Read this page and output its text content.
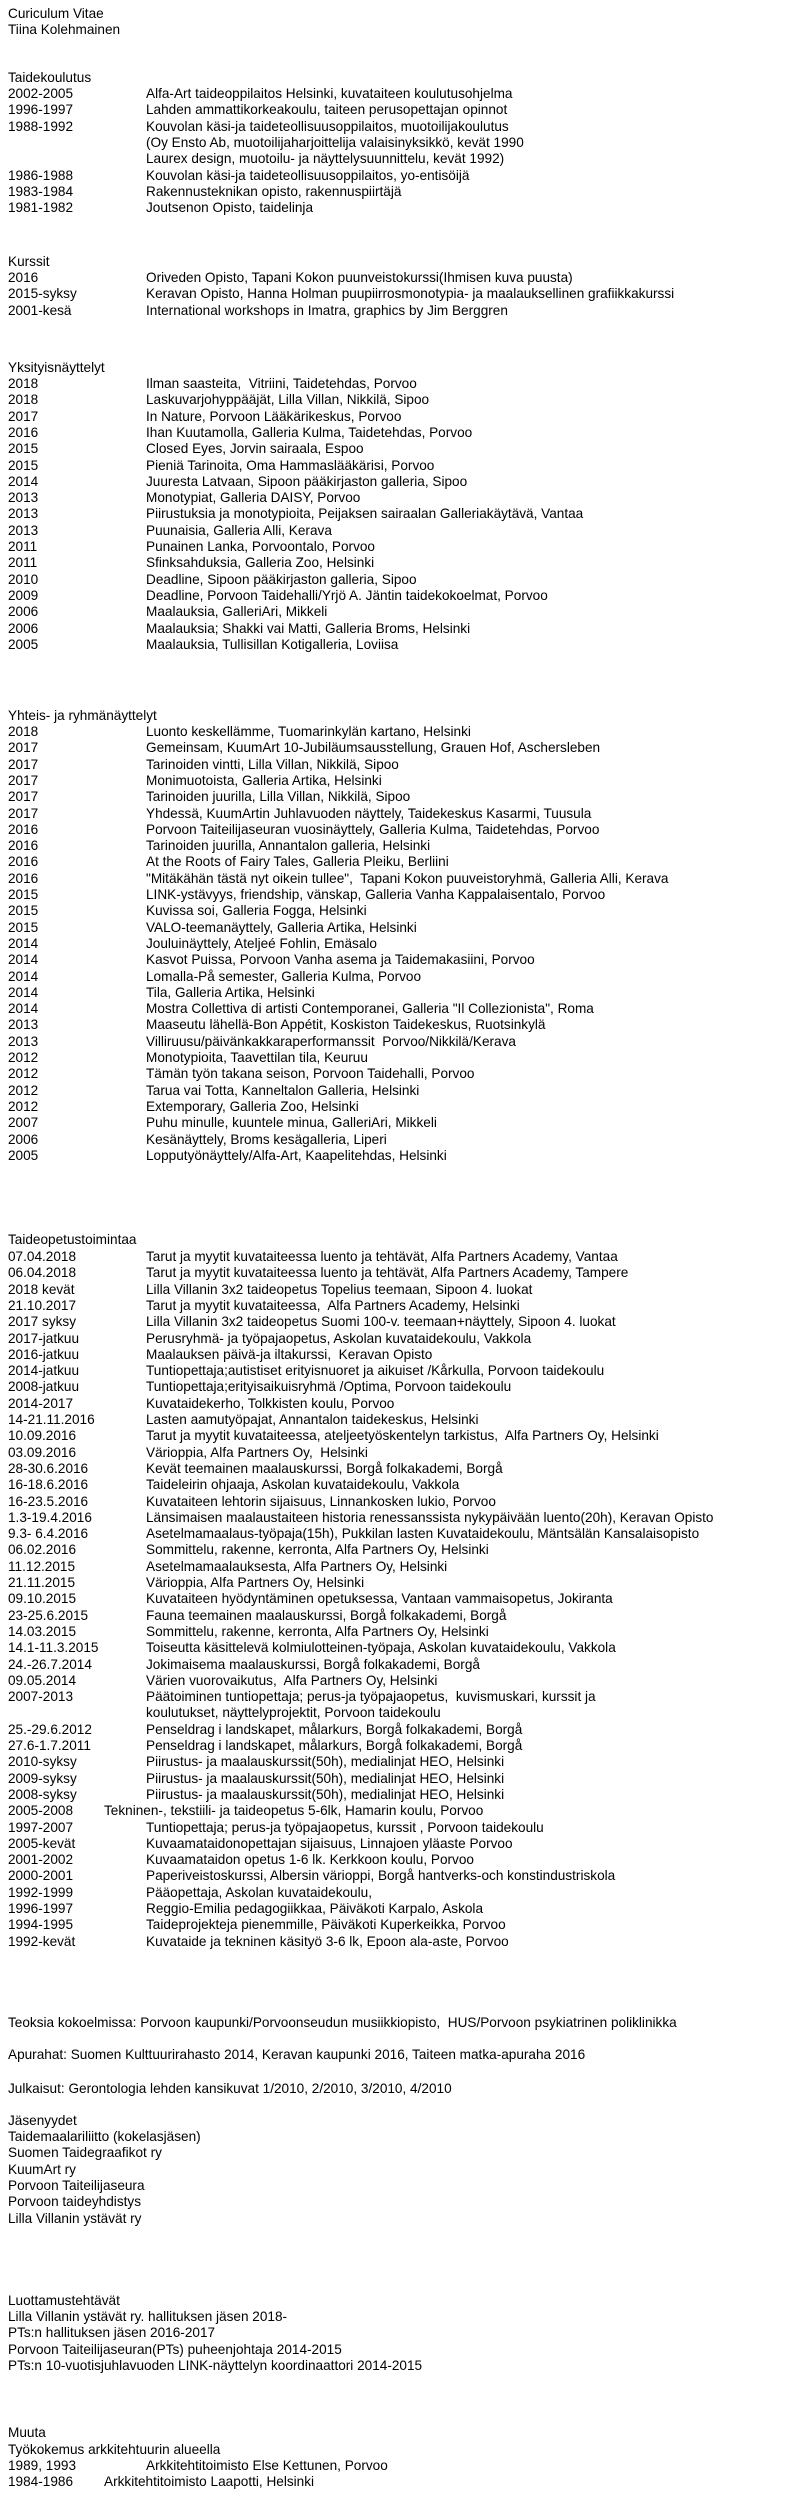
Curiculum Vitae
Tiina Kolehmainen
Taidekoulutus
2002-2005	Alfa-Art taideoppilaitos Helsinki, kuvataiteen koulutusohjelma
1996-1997	Lahden ammattikorkeakoulu, taiteen perusopettajan opinnot
1988-1992	Kouvolan käsi-ja taideteollisuusoppilaitos, muotoilijakoulutus
(Oy Ensto Ab, muotoilijaharjoittelija valaisinyksikkö, kevät 1990
Laurex design, muotoilu- ja näyttelysuunnittelu, kevät 1992)
1986-1988	Kouvolan käsi-ja taideteollisuusoppilaitos, yo-entisöijä
1983-1984	Rakennusteknikan opisto, rakennuspiirtäjä
1981-1982	Joutsenon Opisto, taidelinja
Kurssit
2016	Oriveden Opisto, Tapani Kokon puunveistokurssi(Ihmisen kuva puusta)
2015-syksy	Keravan Opisto, Hanna Holman puupiirrosmonotypia- ja maalauksellinen grafiikkakurssi
2001-kesä	International workshops in Imatra, graphics by Jim Berggren
Yksityisnäyttelyt
2018	Ilman saasteita,  Vitriini, Taidetehdas, Porvoo
2018	Laskuvarjohyppääjät, Lilla Villan, Nikkilä, Sipoo
2017	In Nature, Porvoon Lääkärikeskus, Porvoo
2016	Ihan Kuutamolla, Galleria Kulma, Taidetehdas, Porvoo
2015	Closed Eyes, Jorvin sairaala, Espoo
2015	Pieniä Tarinoita, Oma Hammaslääkärisi, Porvoo
2014	Juuresta Latvaan, Sipoon pääkirjaston galleria, Sipoo
2013	Monotypiat, Galleria DAISY, Porvoo
2013	Piirustuksia ja monotypioita, Peijaksen sairaalan Galleriakäytävä, Vantaa
2013	Puunaisia, Galleria Alli, Kerava
2011	Punainen Lanka, Porvoontalo, Porvoo
2011	Sfinksahduksia, Galleria Zoo, Helsinki
2010	Deadline, Sipoon pääkirjaston galleria, Sipoo
2009	Deadline, Porvoon Taidehalli/Yrjö A. Jäntin taidekokoelmat, Porvoo
2006	Maalauksia, GalleriAri, Mikkeli
2006	Maalauksia; Shakki vai Matti, Galleria Broms, Helsinki
2005	Maalauksia, Tullisillan Kotigalleria, Loviisa
Yhteis- ja ryhmänäyttelyt
2018	Luonto keskellämme, Tuomarinkylän kartano, Helsinki
2017	Gemeinsam, KuumArt 10-Jubiläumsausstellung, Grauen Hof, Aschersleben
2017	Tarinoiden vintti, Lilla Villan, Nikkilä, Sipoo
2017	Monimuotoista, Galleria Artika, Helsinki
2017	Tarinoiden juurilla, Lilla Villan, Nikkilä, Sipoo
2017	Yhdessä, KuumArtin Juhlavuoden näyttely, Taidekeskus Kasarmi, Tuusula
2016	Porvoon Taiteilijaseuran vuosinäyttely, Galleria Kulma, Taidetehdas, Porvoo
2016	Tarinoiden juurilla, Annantalon galleria, Helsinki
2016	At the Roots of Fairy Tales, Galleria Pleiku, Berliini
2016	"Mitäkähän tästä nyt oikein tullee",  Tapani Kokon puuveistoryhmä, Galleria Alli, Kerava
2015	LINK-ystävyys, friendship, vänskap, Galleria Vanha Kappalaisentalo, Porvoo
2015	Kuvissa soi, Galleria Fogga, Helsinki
2015	VALO-teemanäyttely, Galleria Artika, Helsinki
2014	Jouluinäyttely, Ateljeé Fohlin, Emäsalo
2014	Kasvot Puissa, Porvoon Vanha asema ja Taidemakasiini, Porvoo
2014	Lomalla-På semester, Galleria Kulma, Porvoo
2014	Tila, Galleria Artika, Helsinki
2014	Mostra Collettiva di artisti Contemporanei, Galleria "Il Collezionista", Roma
2013	Maaseutu lähellä-Bon Appétit, Koskiston Taidekeskus, Ruotsinkylä
2013	Villiruusu/päivänkakkaraperformanssit  Porvoo/Nikkilä/Kerava
2012	Monotypioita, Taavettilan tila, Keuruu
2012	Tämän työn takana seison, Porvoon Taidehalli, Porvoo
2012	Tarua vai Totta, Kanneltalon Galleria, Helsinki
2012	Extemporary, Galleria Zoo, Helsinki
2007	Puhu minulle, kuuntele minua, GalleriAri, Mikkeli
2006	Kesänäyttely, Broms kesägalleria, Liperi
2005	Lopputyönäyttely/Alfa-Art, Kaapelitehdas, Helsinki
Taideopetustoimintaa
07.04.2018	Tarut ja myytit kuvataiteessa luento ja tehtävät, Alfa Partners Academy, Vantaa
06.04.2018	Tarut ja myytit kuvataiteessa luento ja tehtävät, Alfa Partners Academy, Tampere
2018 kevät	Lilla Villanin 3x2 taideopetus Topelius teemaan, Sipoon 4. luokat
21.10.2017	Tarut ja myytit kuvataiteessa,  Alfa Partners Academy, Helsinki
2017 syksy	Lilla Villanin 3x2 taideopetus Suomi 100-v. teemaan+näyttely, Sipoon 4. luokat
2017-jatkuu	Perusryhmä- ja työpajaopetus, Askolan kuvataidekoulu, Vakkola
2016-jatkuu	Maalauksen päivä-ja iltakurssi,  Keravan Opisto
2014-jatkuu	Tuntiopettaja;autistiset erityisnuoret ja aikuiset /Kårkulla, Porvoon taidekoulu
2008-jatkuu	Tuntiopettaja;erityisaikuisryhmä /Optima, Porvoon taidekoulu
2014-2017	Kuvataidekerho, Tolkkisten koulu, Porvoo
14-21.11.2016	Lasten aamutyöpajat, Annantalon taidekeskus, Helsinki
10.09.2016	Tarut ja myytit kuvataiteessa, ateljeetyöskentelyn tarkistus,  Alfa Partners Oy, Helsinki
03.09.2016	Värioppia, Alfa Partners Oy,  Helsinki
28-30.6.2016	Kevät teemainen maalauskurssi, Borgå folkakademi, Borgå
16-18.6.2016	Taideleirin ohjaaja, Askolan kuvataidekoulu, Vakkola
16-23.5.2016	Kuvataiteen lehtorin sijaisuus, Linnankosken lukio, Porvoo
1.3-19.4.2016	Länsimaisen maalaustaiteen historia renessanssista nykypäivään luento(20h), Keravan Opisto
9.3- 6.4.2016	Asetelmamaalaus-työpaja(15h), Pukkilan lasten Kuvataidekoulu, Mäntsälän Kansalaisopisto
06.02.2016	Sommittelu, rakenne, kerronta, Alfa Partners Oy, Helsinki
11.12.2015	Asetelmamaalauksesta, Alfa Partners Oy, Helsinki
21.11.2015	Värioppia, Alfa Partners Oy, Helsinki
09.10.2015	Kuvataiteen hyödyntäminen opetuksessa, Vantaan vammaisopetus, Jokiranta
23-25.6.2015	Fauna teemainen maalauskurssi, Borgå folkakademi, Borgå
14.03.2015	Sommittelu, rakenne, kerronta, Alfa Partners Oy, Helsinki
14.1-11.3.2015	Toiseutta käsittelevä kolmiulotteinen-työpaja, Askolan kuvataidekoulu, Vakkola
24.-26.7.2014	Jokimaisema maalauskurssi, Borgå folkakademi, Borgå
09.05.2014	Värien vuorovaikutus,  Alfa Partners Oy, Helsinki
2007-2013	Päätoiminen tuntiopettaja; perus-ja työpajaopetus,  kuvismuskari, kurssit ja
koulutukset, näyttelyprojektit, Porvoon taidekoulu
25.-29.6.2012	Penseldrag i landskapet, målarkurs, Borgå folkakademi, Borgå
27.6-1.7.2011	Penseldrag i landskapet, målarkurs, Borgå folkakademi, Borgå
2010-syksy	Piirustus- ja maalauskurssit(50h), medialinjat HEO, Helsinki
2009-syksy	Piirustus- ja maalauskurssit(50h), medialinjat HEO, Helsinki
2008-syksy	Piirustus- ja maalauskurssit(50h), medialinjat HEO, Helsinki
2005-2008 Tekninen-, tekstiili- ja taideopetus 5-6lk, Hamarin koulu, Porvoo
1997-2007	Tuntiopettaja; perus-ja työpajaopetus, kurssit , Porvoon taidekoulu
2005-kevät	Kuvaamataidonopettajan sijaisuus, Linnajoen yläaste Porvoo
2001-2002	Kuvaamataidon opetus 1-6 lk. Kerkkoon koulu, Porvoo
2000-2001	Paperiveistoskurssi, Albersin värioppi, Borgå hantverks-och konstindustriskola
1992-1999	Pääopettaja, Askolan kuvataidekoulu,
1996-1997	Reggio-Emilia pedagogiikkaa, Päiväkoti Karpalo, Askola
1994-1995	Taideprojekteja pienemmille, Päiväkoti Kuperkeikka, Porvoo
1992-kevät	Kuvataide ja tekninen käsityö 3-6 lk, Epoon ala-aste, Porvoo
Teoksia kokoelmissa: Porvoon kaupunki/Porvoonseudun musiikkiopisto,  HUS/Porvoon psykiatrinen poliklinikka
Apurahat: Suomen Kulttuurirahasto 2014, Keravan kaupunki 2016, Taiteen matka-apuraha 2016
Julkaisut: Gerontologia lehden kansikuvat 1/2010, 2/2010, 3/2010, 4/2010
Jäsenyydet
Taidemaalariliitto (kokelasjäsen)
Suomen Taidegraafikot ry
KuumArt ry
Porvoon Taiteilijaseura
Porvoon taideyhdistys
Lilla Villanin ystävät ry
Luottamustehtävät
Lilla Villanin ystävät ry. hallituksen jäsen 2018-
PTs:n hallituksen jäsen 2016-2017
Porvoon Taiteilijaseuran(PTs) puheenjohtaja 2014-2015
PTs:n 10-vuotisjuhlavuoden LINK-näyttelyn koordinaattori 2014-2015
Muuta
Työkokemus arkkitehtuurin alueella
1989, 1993	Arkkitehtitoimisto Else Kettunen, Porvoo
1984-1986 Arkkitehtitoimisto Laapotti, Helsinki
